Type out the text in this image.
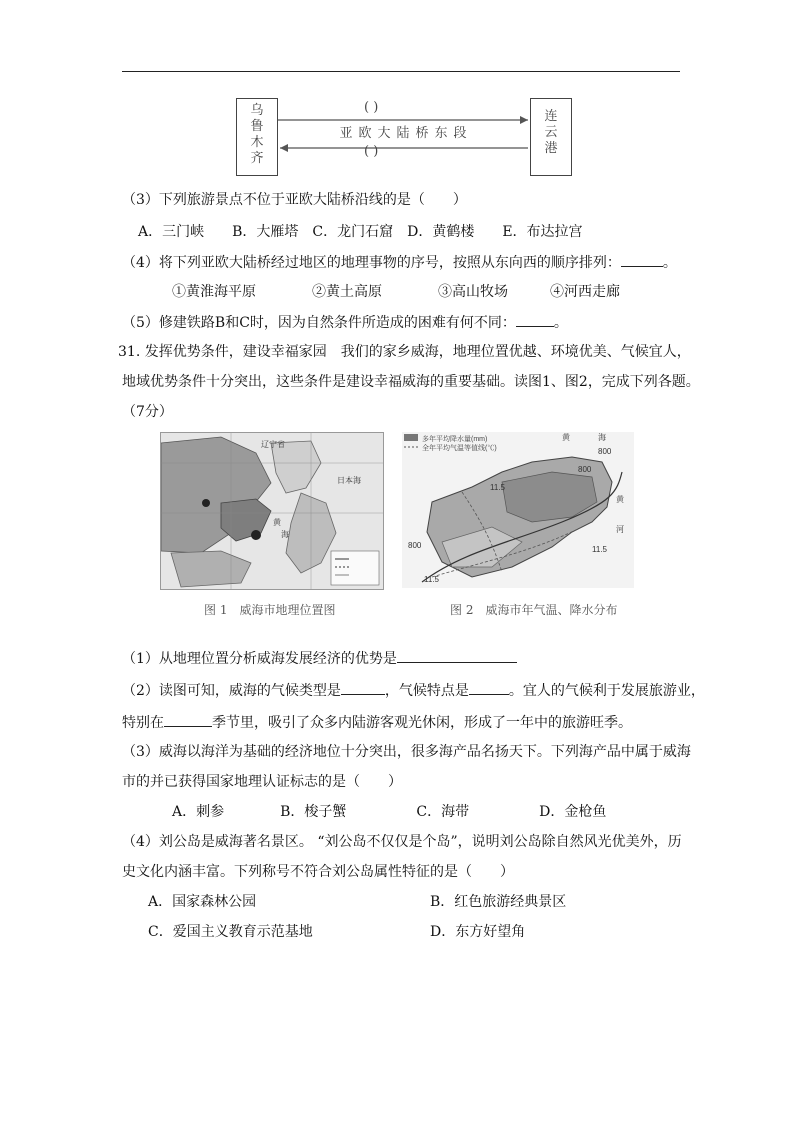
乌
鲁
木
齐
( )
亚欧大陆桥东段
( )
连
云
港
（3）下列旅游景点不位于亚欧大陆桥沿线的是（　　）
A．三门峡　　B．大雁塔　C．龙门石窟　D．黄鹤楼　　E．布达拉宫
（4）将下列亚欧大陆桥经过地区的地理事物的序号，按照从东向西的顺序排列：	。
①黄淮海平原　　　　②黄土高原　　　　③高山牧场　　　④河西走廊
（5）修建铁路B和C时，因为自然条件所造成的困难有何不同：	。
31. 发挥优势条件，建设幸福家园　我们的家乡威海，地理位置优越、环境优美、气候宜人，
地域优势条件十分突出，这些条件是建设幸福威海的重要基础。读图1、图2，完成下列各题。
（7分）
辽宁省
日本海
黄
海
多年平均降水量(mm)
全年平均气温等值线(℃)
黄	海
800
11.5
800
黄
河
800
11.5
11.5
图 1　威海市地理位置图	图 2　威海市年气温、降水分布
（1）从地理位置分析威海发展经济的优势是
（2）读图可知，威海的气候类型是	，气候特点是	。宜人的气候利于发展旅游业，
特别在	季节里，吸引了众多内陆游客观光休闲，形成了一年中的旅游旺季。
（3）威海以海洋为基础的经济地位十分突出，很多海产品名扬天下。下列海产品中属于威海
市的并已获得国家地理认证标志的是（　　）
A．刺参　　　　B．梭子蟹　　　　　C．海带　　　　　D．金枪鱼
（4）刘公岛是威海著名景区。 “刘公岛不仅仅是个岛”，说明刘公岛除自然风光优美外，历
史文化内涵丰富。下列称号不符合刘公岛属性特征的是（　　）
A．国家森林公园	B．红色旅游经典景区
C．爱国主义教育示范基地	D．东方好望角
